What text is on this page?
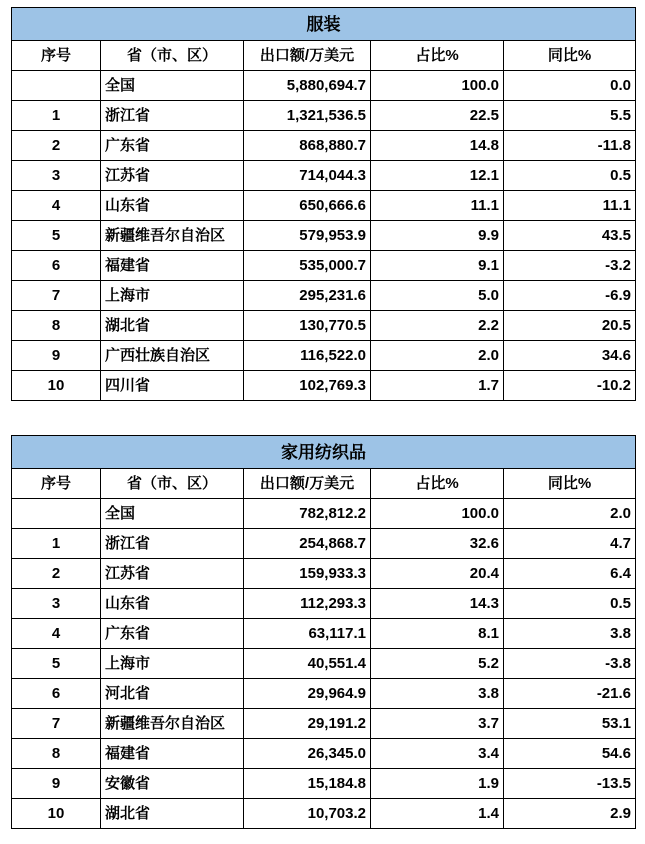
服装				
序号	省（市、区）	出口额/万美元	占比%	同比%
	全国	5,880,694.7	100.0	0.0
1	浙江省	1,321,536.5	22.5	5.5
2	广东省	868,880.7	14.8	-11.8
3	江苏省	714,044.3	12.1	0.5
4	山东省	650,666.6	11.1	11.1
5	新疆维吾尔自治区	579,953.9	9.9	43.5
6	福建省	535,000.7	9.1	-3.2
7	上海市	295,231.6	5.0	-6.9
8	湖北省	130,770.5	2.2	20.5
9	广西壮族自治区	116,522.0	2.0	34.6
10	四川省	102,769.3	1.7	-10.2
家用纺织品				
序号	省（市、区）	出口额/万美元	占比%	同比%
	全国	782,812.2	100.0	2.0
1	浙江省	254,868.7	32.6	4.7
2	江苏省	159,933.3	20.4	6.4
3	山东省	112,293.3	14.3	0.5
4	广东省	63,117.1	8.1	3.8
5	上海市	40,551.4	5.2	-3.8
6	河北省	29,964.9	3.8	-21.6
7	新疆维吾尔自治区	29,191.2	3.7	53.1
8	福建省	26,345.0	3.4	54.6
9	安徽省	15,184.8	1.9	-13.5
10	湖北省	10,703.2	1.4	2.9
